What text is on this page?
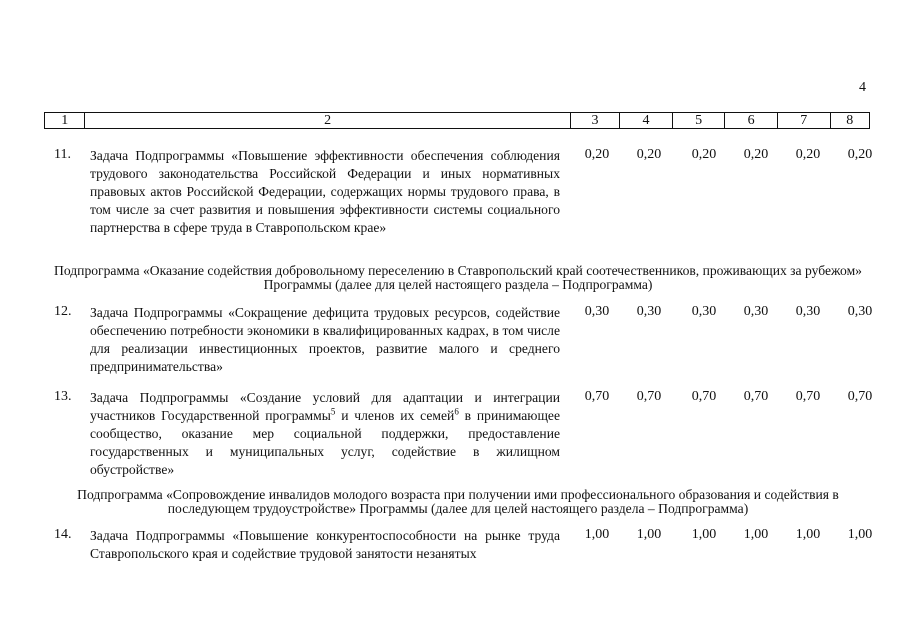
4
1	2	3	4	5	6	7	8
11. Задача Подпрограммы «Повышение эффективности обеспечения соблюдения трудового законодательства Российской Федерации и иных нормативных правовых актов Российской Федерации, содержащих нормы трудового права, в том числе за счет развития и повышения эффективности системы социального партнерства в сфере труда в Ставропольском крае»
0,20	0,20	0,20	0,20	0,20	0,20
Подпрограмма «Оказание содействия добровольному переселению в Ставропольский край соотечественников, проживающих за рубежом» Программы (далее для целей настоящего раздела – Подпрограмма)
12. Задача Подпрограммы «Сокращение дефицита трудовых ресурсов, содействие обеспечению потребности экономики в квалифицированных кадрах, в том числе для реализации инвестиционных проектов, развитие малого и среднего предпринимательства»
0,30	0,30	0,30	0,30	0,30	0,30
13. Задача Подпрограммы «Создание условий для адаптации и интеграции участников Государственной программы$^5$ и членов их семей$^6$ в принимающее сообщество, оказание мер социальной поддержки, предоставление государственных и муниципальных услуг, содействие в жилищном обустройстве»
0,70	0,70	0,70	0,70	0,70	0,70
Подпрограмма «Сопровождение инвалидов молодого возраста при получении ими профессионального образования и содействия в последующем трудоустройстве» Программы (далее для целей настоящего раздела – Подпрограмма)
14. Задача Подпрограммы «Повышение конкурентоспособности на рынке труда Ставропольского края и содействие трудовой занятости незанятых
1,00	1,00	1,00	1,00	1,00	1,00
